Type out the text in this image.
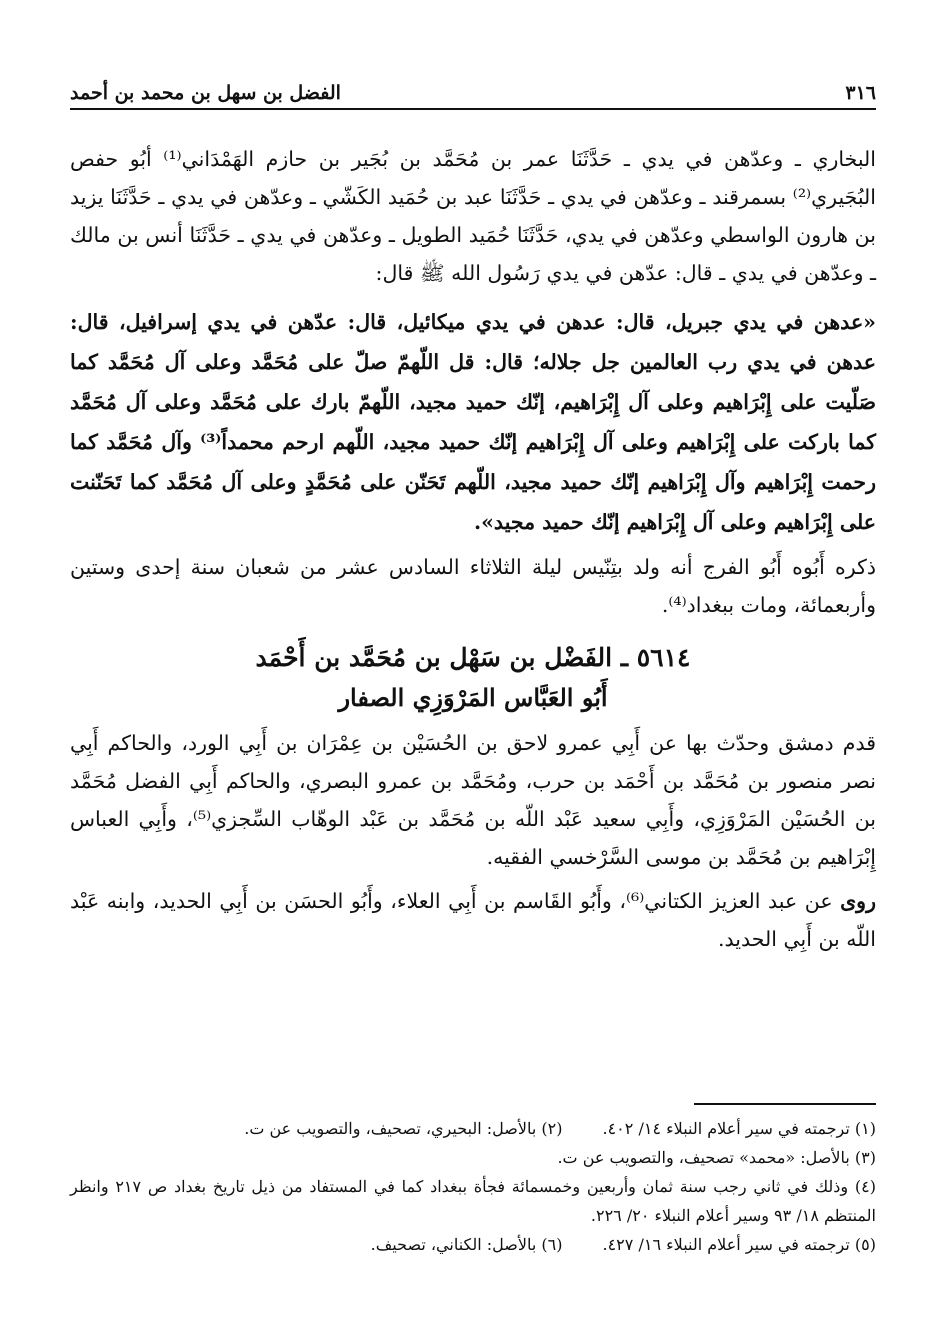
٣١٦
الفضل بن سهل بن محمد بن أحمد

البخاري ـ وعدّهن في يدي ـ حَدَّثَنَا عمر بن مُحَمَّد بن بُجَير بن حازم الهَمْدَاني⁽¹⁾ أبُو حفص البُجَيري⁽²⁾ بسمرقند ـ وعدّهن في يدي ـ حَدَّثَنَا عبد بن حُمَيد الكَشّي ـ وعدّهن في يدي ـ حَدَّثَنَا يزيد بن هارون الواسطي وعدّهن في يدي، حَدَّثَنَا حُمَيد الطويل ـ وعدّهن في يدي ـ حَدَّثَنَا أنس بن مالك ـ وعدّهن في يدي ـ قال: عدّهن في يدي رَسُول الله ﷺ قال:

«عدهن في يدي جبريل، قال: عدهن في يدي ميكائيل، قال: عدّهن في يدي إسرافيل، قال: عدهن في يدي رب العالمين جل جلاله؛ قال: قل اللّهمّ صلّ على مُحَمَّد وعلى آل مُحَمَّد كما صَلّيت على إِبْرَاهيم وعلى آل إِبْرَاهيم، إنّك حميد مجيد، اللّهمّ بارك على مُحَمَّد وعلى آل مُحَمَّد كما باركت على إِبْرَاهيم وعلى آل إِبْرَاهيم إنّك حميد مجيد، اللّهم ارحم محمداً⁽³⁾ وآل مُحَمَّد كما رحمت إِبْرَاهيم وآل إِبْرَاهيم إنّك حميد مجيد، اللّهم تَحَنّن على مُحَمَّدٍ وعلى آل مُحَمَّد كما تَحَنّنت على إِبْرَاهيم وعلى آل إِبْرَاهيم إنّك حميد مجيد».

ذكره أَبُوه أَبُو الفرج أنه ولد بتِنّيس ليلة الثلاثاء السادس عشر من شعبان سنة إحدى وستين وأربعمائة، ومات ببغداد⁽⁴⁾.

٥٦١٤ ـ الفَضْل بن سَهْل بن مُحَمَّد بن أَحْمَد
أَبُو العَبَّاس المَرْوَزِي الصفار

قدم دمشق وحدّث بها عن أَبِي عمرو لاحق بن الحُسَيْن بن عِمْرَان بن أَبِي الورد، والحاكم أَبِي نصر منصور بن مُحَمَّد بن أَحْمَد بن حرب، ومُحَمَّد بن عمرو البصري، والحاكم أَبِي الفضل مُحَمَّد بن الحُسَيْن المَرْوَزِي، وأَبِي سعيد عَبْد اللّه بن مُحَمَّد بن عَبْد الوهّاب السِّجزي⁽⁵⁾، وأَبِي العباس إِبْرَاهيم بن مُحَمَّد بن موسى السَّرْخسي الفقيه.

روى عن عبد العزيز الكتاني⁽⁶⁾، وأَبُو القَاسم بن أَبِي العلاء، وأَبُو الحسَن بن أَبِي الحديد، وابنه عَبْد اللّه بن أَبِي الحديد.

(١) ترجمته في سير أعلام النبلاء ١٤/ ٤٠٢.
(٢) بالأصل: البحيري، تصحيف، والتصويب عن ت.
(٣) بالأصل: «محمد» تصحيف، والتصويب عن ت.
(٤) وذلك في ثاني رجب سنة ثمان وأربعين وخمسمائة فجأة ببغداد كما في المستفاد من ذيل تاريخ بغداد ص ٢١٧ وانظر المنتظم ١٨/ ٩٣ وسير أعلام النبلاء ٢٠/ ٢٢٦.
(٥) ترجمته في سير أعلام النبلاء ١٦/ ٤٢٧.
(٦) بالأصل: الكناني، تصحيف.
